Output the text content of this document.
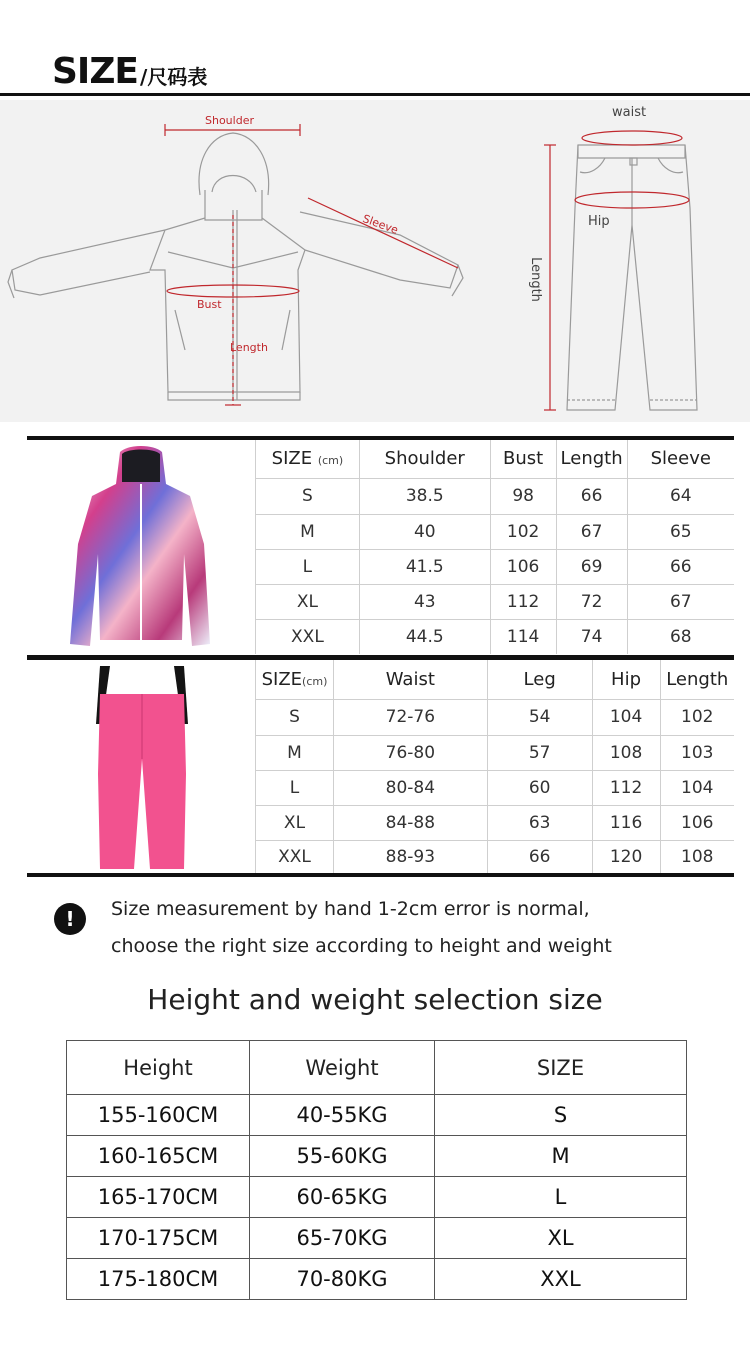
SIZE /尺码表
Shoulder
Sleeve
Bust
Length
waist
Hip
Length
SIZE (cm)	Shoulder	Bust	Length	Sleeve
S	38.5	98	66	64
M	40	102	67	65
L	41.5	106	69	66
XL	43	112	72	67
XXL	44.5	114	74	68
SIZE(cm)	Waist	Leg	Hip	Length
S	72-76	54	104	102
M	76-80	57	108	103
L	80-84	60	112	104
XL	84-88	63	116	106
XXL	88-93	66	120	108
!	Size measurement by hand 1-2cm error is normal,
choose the right size according to height and weight
Height and weight selection size
Height	Weight	SIZE
155-160CM	40-55KG	S
160-165CM	55-60KG	M
165-170CM	60-65KG	L
170-175CM	65-70KG	XL
175-180CM	70-80KG	XXL
